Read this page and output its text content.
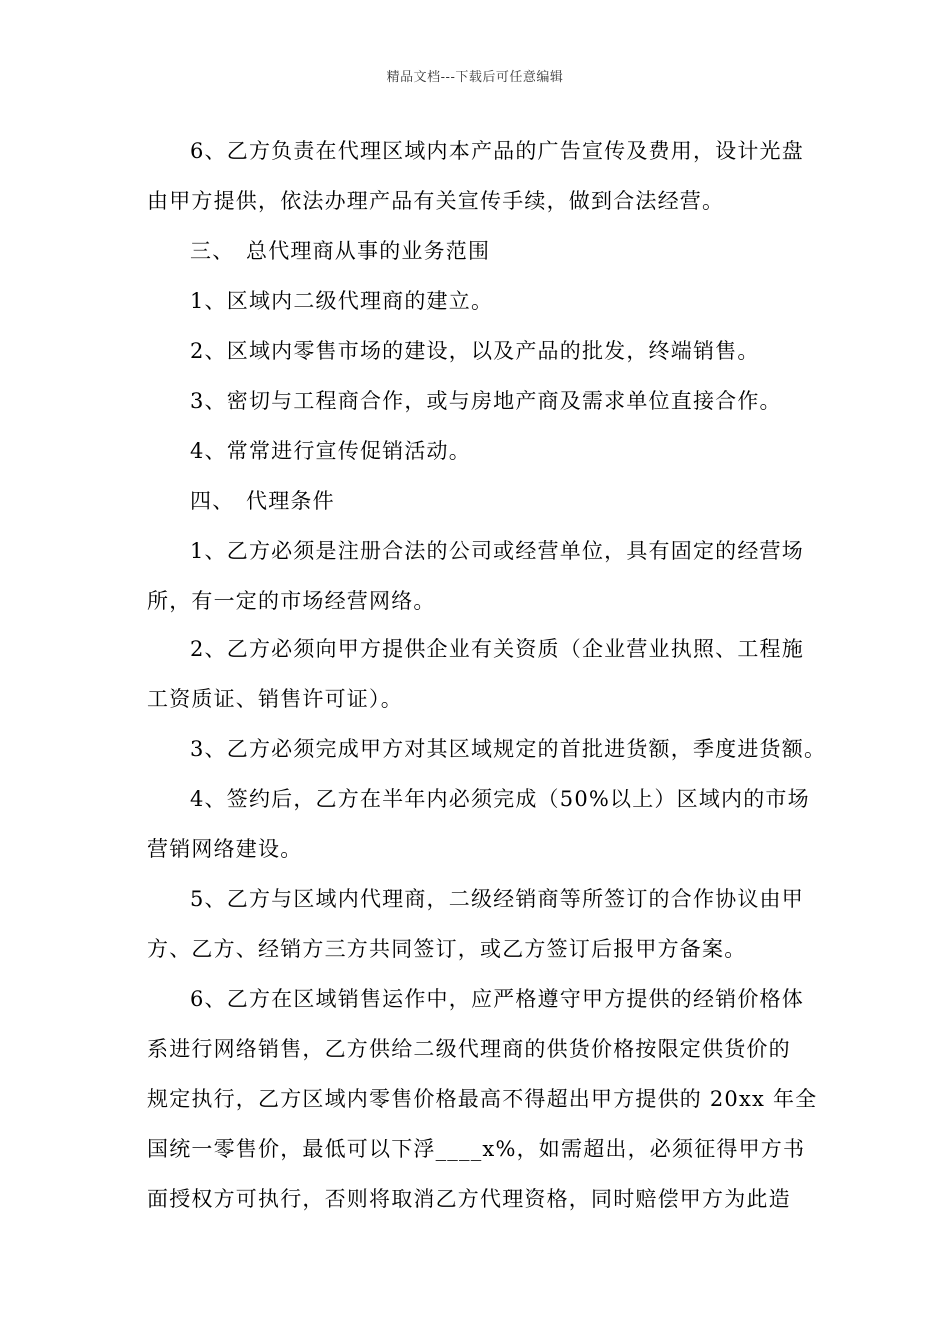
精品文档---下载后可任意编辑
6、乙方负责在代理区域内本产品的广告宣传及费用，设计光盘
由甲方提供，依法办理产品有关宣传手续，做到合法经营。
三、 总代理商从事的业务范围
1、区域内二级代理商的建立。
2、区域内零售市场的建设，以及产品的批发，终端销售。
3、密切与工程商合作，或与房地产商及需求单位直接合作。
4、常常进行宣传促销活动。
四、 代理条件
1、乙方必须是注册合法的公司或经营单位，具有固定的经营场
所，有一定的市场经营网络。
2、乙方必须向甲方提供企业有关资质（企业营业执照、工程施
工资质证、销售许可证）。
3、乙方必须完成甲方对其区域规定的首批进货额，季度进货额。
4、签约后，乙方在半年内必须完成（50%以上）区域内的市场
营销网络建设。
5、乙方与区域内代理商，二级经销商等所签订的合作协议由甲
方、乙方、经销方三方共同签订，或乙方签订后报甲方备案。
6、乙方在区域销售运作中，应严格遵守甲方提供的经销价格体
系进行网络销售，乙方供给二级代理商的供货价格按限定供货价的
规定执行，乙方区域内零售价格最高不得超出甲方提供的 20xx 年全
国统一零售价，最低可以下浮____x%，如需超出，必须征得甲方书
面授权方可执行，否则将取消乙方代理资格，同时赔偿甲方为此造
